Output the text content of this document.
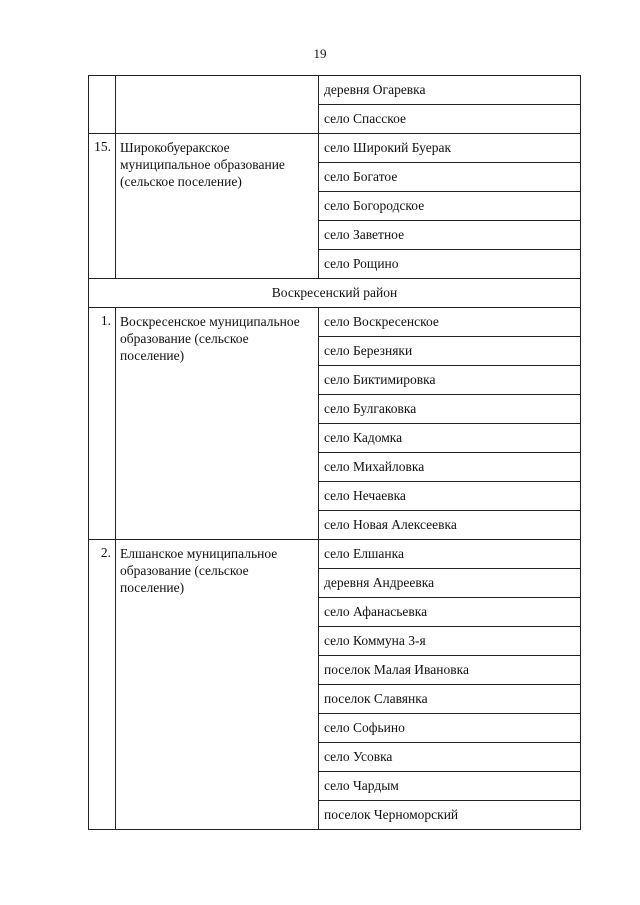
19
		деревня Огаревка
		село Спасское
15.	Широкобуеракское муниципальное образование (сельское поселение)	село Широкий Буерак
		село Богатое
		село Богородское
		село Заветное
		село Рощино
Воскресенский район		
1.	Воскресенское муниципальное образование (сельское поселение)	село Воскресенское
		село Березняки
		село Биктимировка
		село Булгаковка
		село Кадомка
		село Михайловка
		село Нечаевка
		село Новая Алексеевка
2.	Елшанское муниципальное образование (сельское поселение)	село Елшанка
		деревня Андреевка
		село Афанасьевка
		село Коммуна 3-я
		поселок Малая Ивановка
		поселок Славянка
		село Софьино
		село Усовка
		село Чардым
		поселок Черноморский
